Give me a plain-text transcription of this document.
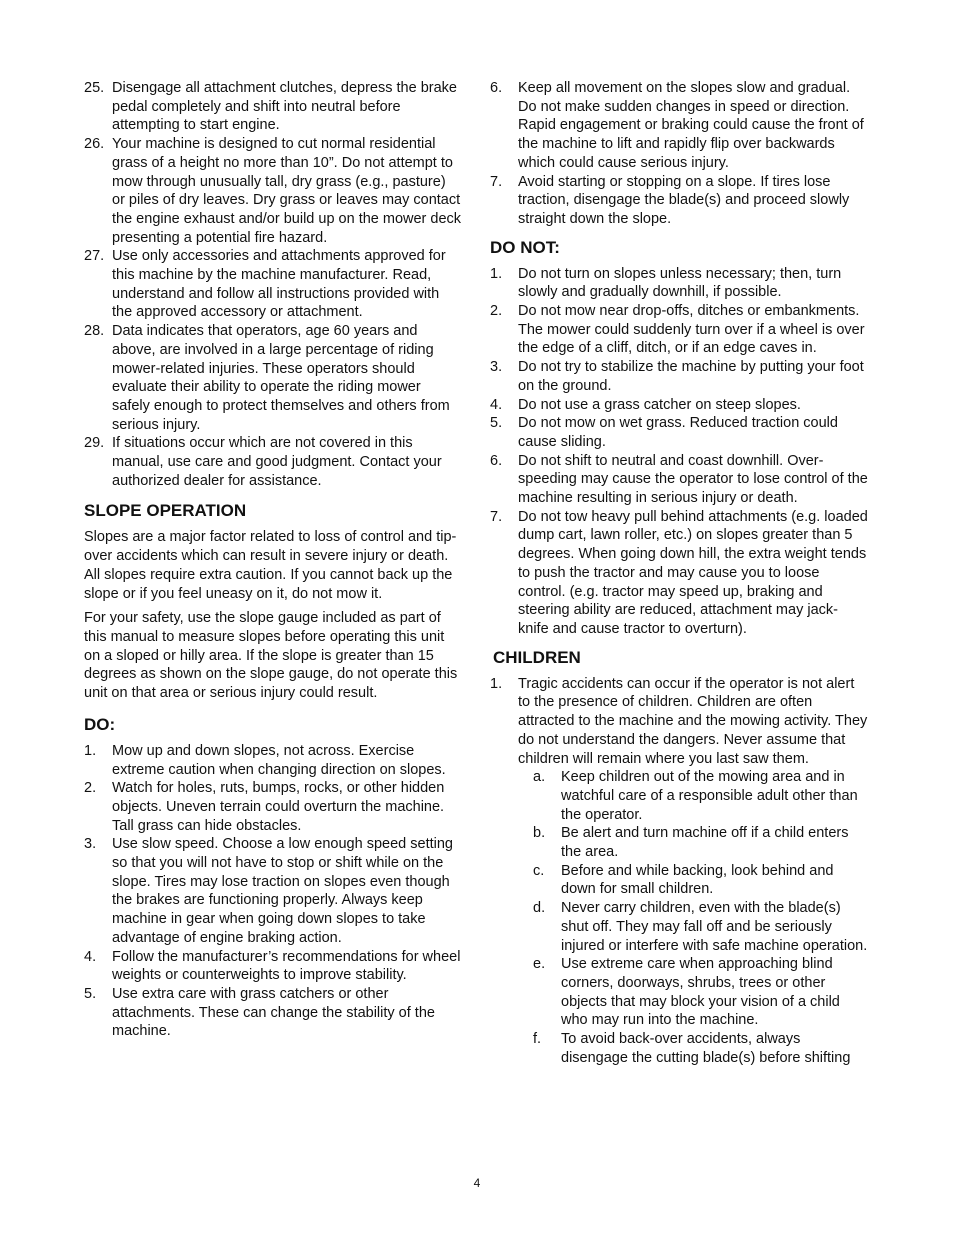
25. Disengage all attachment clutches, depress the brake pedal completely and shift into neutral before attempting to start engine.
26. Your machine is designed to cut normal residential grass of a height no more than 10”. Do not attempt to mow through unusually tall, dry grass (e.g., pasture) or piles of dry leaves. Dry grass or leaves may contact the engine exhaust and/or build up on the mower deck presenting a potential fire hazard.
27. Use only accessories and attachments approved for this machine by the machine manufacturer. Read, understand and follow all instructions provided with the approved accessory or attachment.
28. Data indicates that operators, age 60 years and above, are involved in a large percentage of riding mower-related injuries. These operators should evaluate their ability to operate the riding mower safely enough to protect themselves and others from serious injury.
29. If situations occur which are not covered in this manual, use care and good judgment. Contact your authorized dealer for assistance.
SLOPE OPERATION
Slopes are a major factor related to loss of control and tip-over accidents which can result in severe injury or death. All slopes require extra caution. If you cannot back up the slope or if you feel uneasy on it, do not mow it.
For your safety, use the slope gauge included as part of this manual to measure slopes before operating this unit on a sloped or hilly area. If the slope is greater than 15 degrees as shown on the slope gauge, do not operate this unit on that area or serious injury could result.
DO:
1.	Mow up and down slopes, not across. Exercise extreme caution when changing direction on slopes.
2.	Watch for holes, ruts, bumps, rocks, or other hidden objects. Uneven terrain could overturn the machine. Tall grass can hide obstacles.
3.	Use slow speed. Choose a low enough speed setting so that you will not have to stop or shift while on the slope. Tires may lose traction on slopes even though the brakes are functioning properly. Always keep machine in gear when going down slopes to take advantage of engine braking action.
4.	Follow the manufacturer’s recommendations for wheel weights or counterweights to improve stability.
5.	Use extra care with grass catchers or other attachments. These can change the stability of the machine.
6.	Keep all movement on the slopes slow and gradual. Do not make sudden changes in speed or direction. Rapid engagement or braking could cause the front of the machine to lift and rapidly flip over backwards which could cause serious injury.
7.	Avoid starting or stopping on a slope. If tires lose traction, disengage the blade(s) and proceed slowly straight down the slope.
DO NOT:
1.	Do not turn on slopes unless necessary; then, turn slowly and gradually downhill, if possible.
2.	Do not mow near drop-offs, ditches or embankments. The mower could suddenly turn over if a wheel is over the edge of a cliff, ditch, or if an edge caves in.
3.	Do not try to stabilize the machine by putting your foot on the ground.
4.	Do not use a grass catcher on steep slopes.
5.	Do not mow on wet grass. Reduced traction could cause sliding.
6.	Do not shift to neutral and coast downhill. Over-speeding may cause the operator to lose control of the machine resulting in serious injury or death.
7.	Do not tow heavy pull behind attachments (e.g. loaded dump cart, lawn roller, etc.) on slopes greater than 5 degrees. When going down hill, the extra weight tends to push the tractor and may cause you to loose control. (e.g. tractor may speed up, braking and steering ability are reduced, attachment may jack-knife and cause tractor to overturn).
CHILDREN
1.	Tragic accidents can occur if the operator is not alert to the presence of children. Children are often attracted to the machine and the mowing activity. They do not understand the dangers. Never assume that children will remain where you last saw them.
a.	Keep children out of the mowing area and in watchful care of a responsible adult other than the operator.
b.	Be alert and turn machine off if a child enters the area.
c.	Before and while backing, look behind and down for small children.
d.	Never carry children, even with the blade(s) shut off. They may fall off and be seriously injured or interfere with safe machine operation.
e.	Use extreme care when approaching blind corners, doorways, shrubs, trees or other objects that may block your vision of a child who may run into the machine.
f.	To avoid back-over accidents, always disengage the cutting blade(s) before shifting
4
